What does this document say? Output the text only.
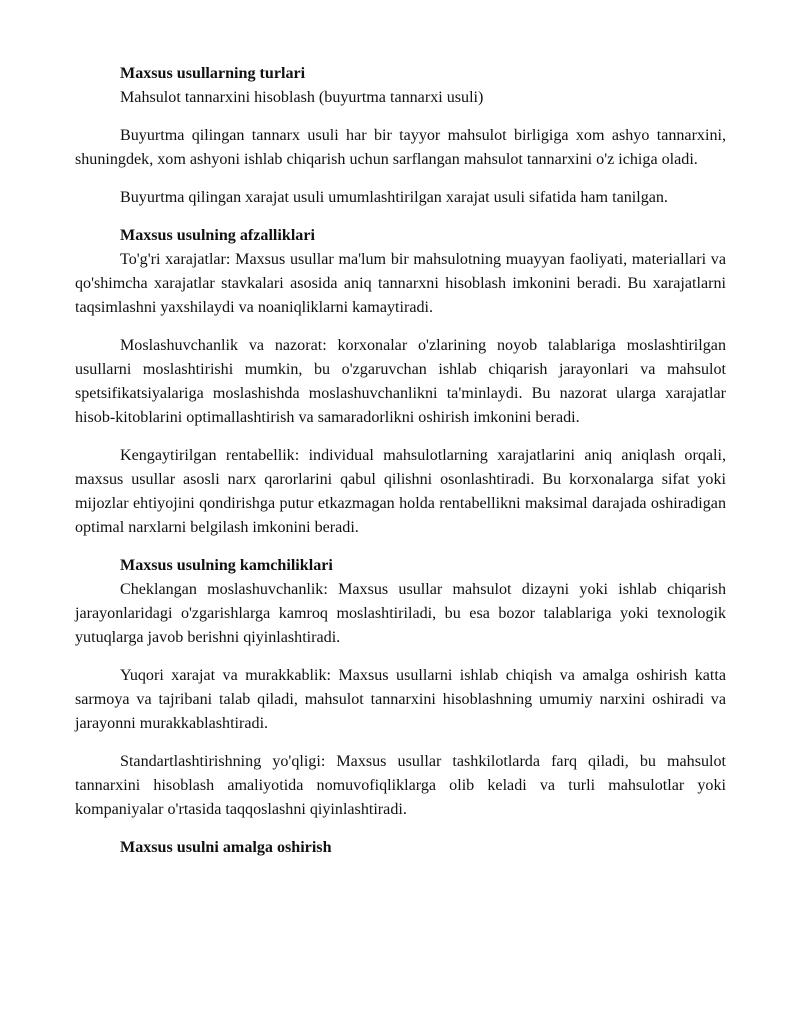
Maxsus usullarning turlari

Mahsulot tannarxini hisoblash (buyurtma tannarxi usuli)

Buyurtma qilingan tannarx usuli har bir tayyor mahsulot birligiga xom ashyo tannarxini, shuningdek, xom ashyoni ishlab chiqarish uchun sarflangan mahsulot tannarxini o'z ichiga oladi.

Buyurtma qilingan xarajat usuli umumlashtirilgan xarajat usuli sifatida ham tanilgan.

Maxsus usulning afzalliklari

To'g'ri xarajatlar: Maxsus usullar ma'lum bir mahsulotning muayyan faoliyati, materiallari va qo'shimcha xarajatlar stavkalari asosida aniq tannarxni hisoblash imkonini beradi. Bu xarajatlarni taqsimlashni yaxshilaydi va noaniqliklarni kamaytiradi.

Moslashuvchanlik va nazorat: korxonalar o'zlarining noyob talablariga moslashtirilgan usullarni moslashtirishi mumkin, bu o'zgaruvchan ishlab chiqarish jarayonlari va mahsulot spetsifikatsiyalariga moslashishda moslashuvchanlikni ta'minlaydi. Bu nazorat ularga xarajatlar hisob-kitoblarini optimallashtirish va samaradorlikni oshirish imkonini beradi.

Kengaytirilgan rentabellik: individual mahsulotlarning xarajatlarini aniq aniqlash orqali, maxsus usullar asosli narx qarorlarini qabul qilishni osonlashtiradi. Bu korxonalarga sifat yoki mijozlar ehtiyojini qondirishga putur etkazmagan holda rentabellikni maksimal darajada oshiradigan optimal narxlarni belgilash imkonini beradi.

Maxsus usulning kamchiliklari

Cheklangan moslashuvchanlik: Maxsus usullar mahsulot dizayni yoki ishlab chiqarish jarayonlaridagi o'zgarishlarga kamroq moslashtiriladi, bu esa bozor talablariga yoki texnologik yutuqlarga javob berishni qiyinlashtiradi.

Yuqori xarajat va murakkablik: Maxsus usullarni ishlab chiqish va amalga oshirish katta sarmoya va tajribani talab qiladi, mahsulot tannarxini hisoblashning umumiy narxini oshiradi va jarayonni murakkablashtiradi.

Standartlashtirishning yo'qligi: Maxsus usullar tashkilotlarda farq qiladi, bu mahsulot tannarxini hisoblash amaliyotida nomuvofiqliklarga olib keladi va turli mahsulotlar yoki kompaniyalar o'rtasida taqqoslashni qiyinlashtiradi.

Maxsus usulni amalga oshirish
